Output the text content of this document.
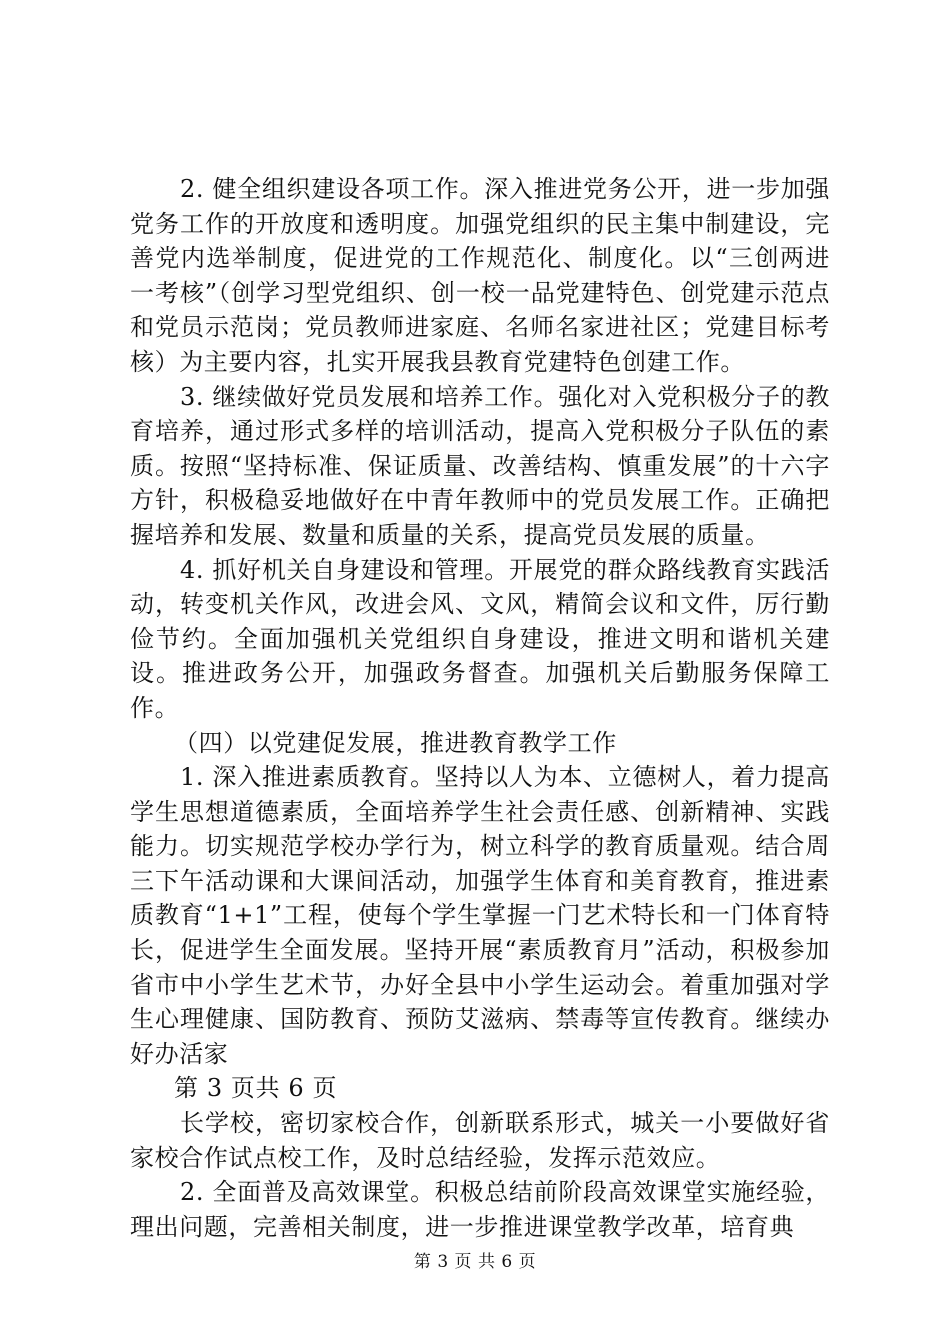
2. 健全组织建设各项工作。深入推进党务公开，进一步加强党务工作的开放度和透明度。加强党组织的民主集中制建设，完善党内选举制度，促进党的工作规范化、制度化。以“三创两进一考核”（创学习型党组织、创一校一品党建特色、创党建示范点和党员示范岗；党员教师进家庭、名师名家进社区；党建目标考核）为主要内容，扎实开展我县教育党建特色创建工作。

3. 继续做好党员发展和培养工作。强化对入党积极分子的教育培养，通过形式多样的培训活动，提高入党积极分子队伍的素质。按照“坚持标准、保证质量、改善结构、慎重发展”的十六字方针，积极稳妥地做好在中青年教师中的党员发展工作。正确把握培养和发展、数量和质量的关系，提高党员发展的质量。

4. 抓好机关自身建设和管理。开展党的群众路线教育实践活动，转变机关作风，改进会风、文风，精简会议和文件，厉行勤俭节约。全面加强机关党组织自身建设，推进文明和谐机关建设。推进政务公开，加强政务督查。加强机关后勤服务保障工作。

（四）以党建促发展，推进教育教学工作

1. 深入推进素质教育。坚持以人为本、立德树人，着力提高学生思想道德素质，全面培养学生社会责任感、创新精神、实践能力。切实规范学校办学行为，树立科学的教育质量观。结合周三下午活动课和大课间活动，加强学生体育和美育教育，推进素质教育“1+1”工程，使每个学生掌握一门艺术特长和一门体育特长，促进学生全面发展。坚持开展“素质教育月”活动，积极参加省市中小学生艺术节，办好全县中小学生运动会。着重加强对学生心理健康、国防教育、预防艾滋病、禁毒等宣传教育。继续办好办活家

第 3 页共 6 页

长学校，密切家校合作，创新联系形式，城关一小要做好省家校合作试点校工作，及时总结经验，发挥示范效应。

2. 全面普及高效课堂。积极总结前阶段高效课堂实施经验，理出问题，完善相关制度，进一步推进课堂教学改革，培育典

第 3 页 共 6 页
